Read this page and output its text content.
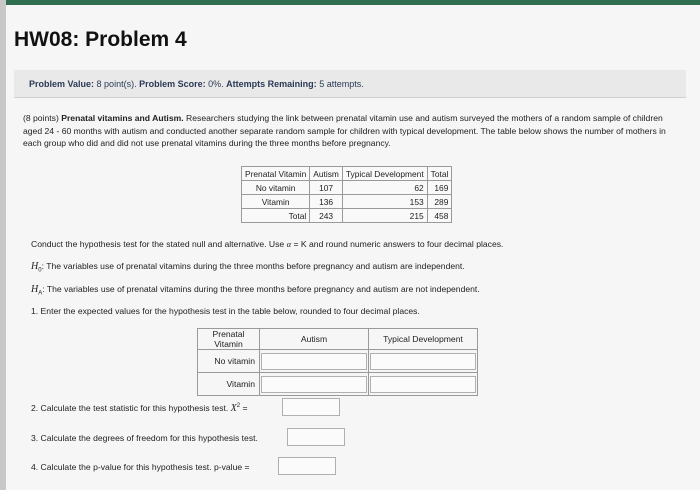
HW08: Problem 4
Problem Value: 8 point(s). Problem Score: 0%. Attempts Remaining: 5 attempts.
(8 points) Prenatal vitamins and Autism. Researchers studying the link between prenatal vitamin use and autism surveyed the mothers of a random sample of children aged 24 - 60 months with autism and conducted another separate random sample for children with typical development. The table below shows the number of mothers in each group who did and did not use prenatal vitamins during the three months before pregnancy.
Prenatal Vitamin	Autism	Typical Development	Total
No vitamin	107	62	169
Vitamin	136	153	289
Total	243	215	458
Conduct the hypothesis test for the stated null and alternative. Use α = K and round numeric answers to four decimal places.
$H_0$: The variables use of prenatal vitamins during the three months before pregnancy and autism are independent.
$H_A$: The variables use of prenatal vitamins during the three months before pregnancy and autism are not independent.
1. Enter the expected values for the hypothesis test in the table below, rounded to four decimal places.
Prenatal Vitamin	Autism	Typical Development
No vitamin	

Vitamin	

2. Calculate the test statistic for this hypothesis test. $X^2$ =
3. Calculate the degrees of freedom for this hypothesis test.
4. Calculate the p-value for this hypothesis test. p-value =
